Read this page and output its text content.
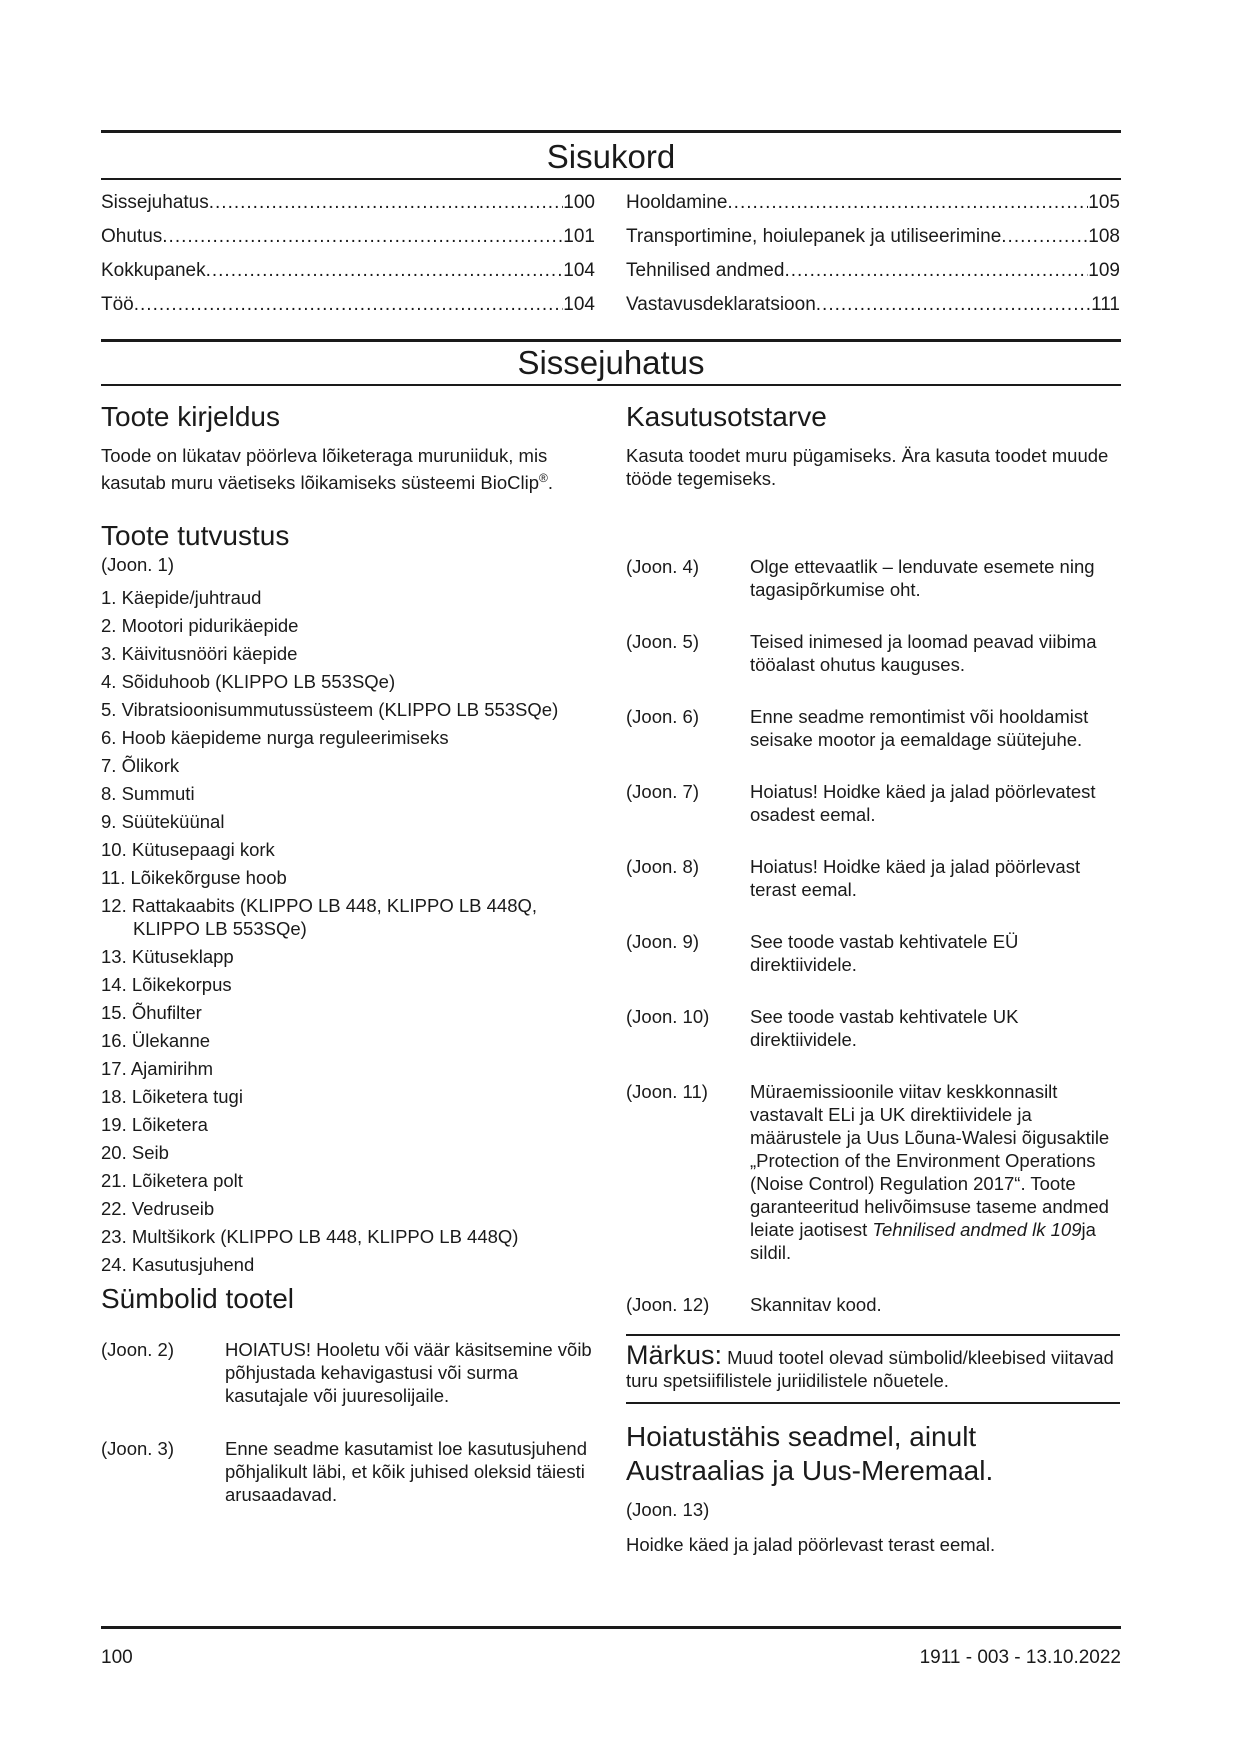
Sisukord
Sissejuhatus .....	100
Ohutus .....	101
Kokkupanek .....	104
Töö .....	104
Hooldamine .....	105
Transportimine, hoiulepanek ja utiliseerimine .....	108
Tehnilised andmed .....	109
Vastavusdeklaratsioon .....	111
Sissejuhatus
Toote kirjeldus

Toode on lükatav pöörleva lõiketeraga muruniiduk, mis kasutab muru väetiseks lõikamiseks süsteemi BioClip®.

Toote tutvustus

(Joon. 1)

1. Käepide/juhtraud
2. Mootori pidurikäepide
3. Käivitusnööri käepide
4. Sõiduhoob (KLIPPO LB 553SQe)
5. Vibratsioonisummutussüsteem (KLIPPO LB 553SQe)
6. Hoob käepideme nurga reguleerimiseks
7. Õlikork
8. Summuti
9. Süüteküünal
10. Kütusepaagi kork
11. Lõikekõrguse hoob
12. Rattakaabits (KLIPPO LB 448, KLIPPO LB 448Q, KLIPPO LB 553SQe)
13. Kütuseklapp
14. Lõikekorpus
15. Õhufilter
16. Ülekanne
17. Ajamirihm
18. Lõiketera tugi
19. Lõiketera
20. Seib
21. Lõiketera polt
22. Vedruseib
23. Multšikork (KLIPPO LB 448, KLIPPO LB 448Q)
24. Kasutusjuhend
Sümbolid tootel
(Joon. 2)	HOIATUS! Hooletu või väär käsitsemine võib põhjustada kehavigastusi või surma kasutajale või juuresolijaile.
(Joon. 3)	Enne seadme kasutamist loe kasutusjuhend põhjalikult läbi, et kõik juhised oleksid täiesti arusaadavad.
Kasutusotstarve

Kasuta toodet muru pügamiseks. Ära kasuta toodet muude tööde tegemiseks.

(Joon. 4)	Olge ettevaatlik – lenduvate esemete ning tagasipõrkumise oht.
(Joon. 5)	Teised inimesed ja loomad peavad viibima tööalast ohutus kauguses.
(Joon. 6)	Enne seadme remontimist või hooldamist seisake mootor ja eemaldage süütejuhe.
(Joon. 7)	Hoiatus! Hoidke käed ja jalad pöörlevatest osadest eemal.
(Joon. 8)	Hoiatus! Hoidke käed ja jalad pöörlevast terast eemal.
(Joon. 9)	See toode vastab kehtivatele EÜ direktiividele.
(Joon. 10)	See toode vastab kehtivatele UK direktiividele.
(Joon. 11)	Müraemissioonile viitav keskkonnasilt vastavalt ELi ja UK direktiividele ja määrustele ja Uus Lõuna-Walesi õigusaktile „Protection of the Environment Operations (Noise Control) Regulation 2017“. Toote garanteeritud helivõimsuse taseme andmed leiate jaotisest Tehnilised andmed lk 109ja sildil.
(Joon. 12)	Skannitav kood.

Märkus: Muud tootel olevad sümbolid/kleebised viitavad turu spetsiifilistele juriidilistele nõuetele.

Hoiatustähis seadmel, ainult Austraalias ja Uus-Meremaal.

(Joon. 13)

Hoidke käed ja jalad pöörlevast terast eemal.

100	1911 - 003 - 13.10.2022
